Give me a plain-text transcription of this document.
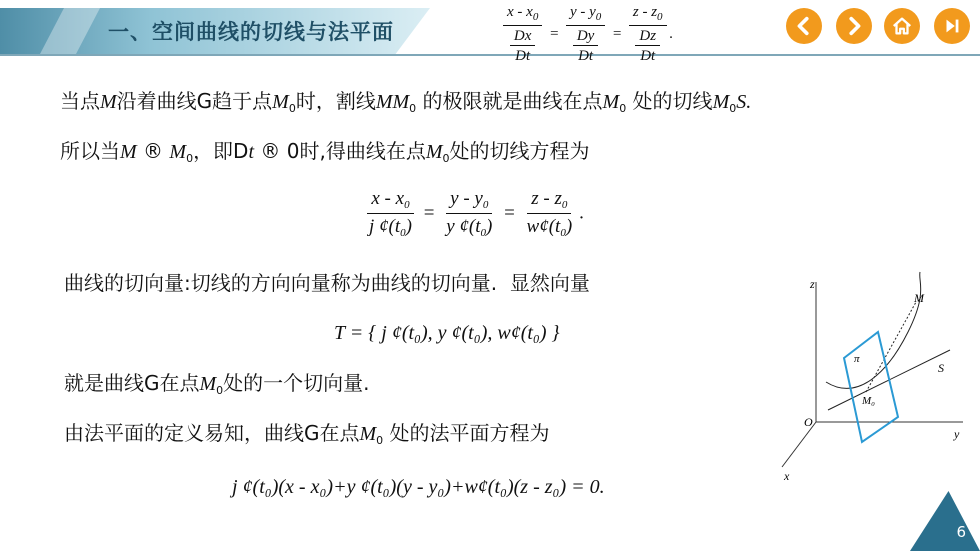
一、空间曲线的切线与法平面
x - $x_0$
Dx
Dt
=
y - $y_0$
Dy
Dt
=
z - $z_0$
Dz
Dt
.
当点M沿着曲线G趋于点$M_0$时，割线$MM_0$ 的极限就是曲线在点$M_0$ 处的切线$M_0S$.
所以当M ® $M_0$，即Dt ® 0时,得曲线在点$M_0$处的切线方程为
$\frac{x - x_0}{j ¢(t_0)} = \frac{y - y_0}{y ¢(t_0)} = \frac{z - z_0}{w¢(t_0)}$ .
曲线的切向量:切线的方向向量称为曲线的切向量. 显然向量
T = { j ¢(t₀), y ¢(t₀), w¢(t₀) }
就是曲线G在点$M_0$处的一个切向量.
由法平面的定义易知，曲线G在点$M_0$ 处的法平面方程为
j ¢(t₀)(x - x₀)+y ¢(t₀)(y - y₀)+w¢(t₀)(z - z₀) = 0.
z
y
x
O
M
S
π
M₀
6
